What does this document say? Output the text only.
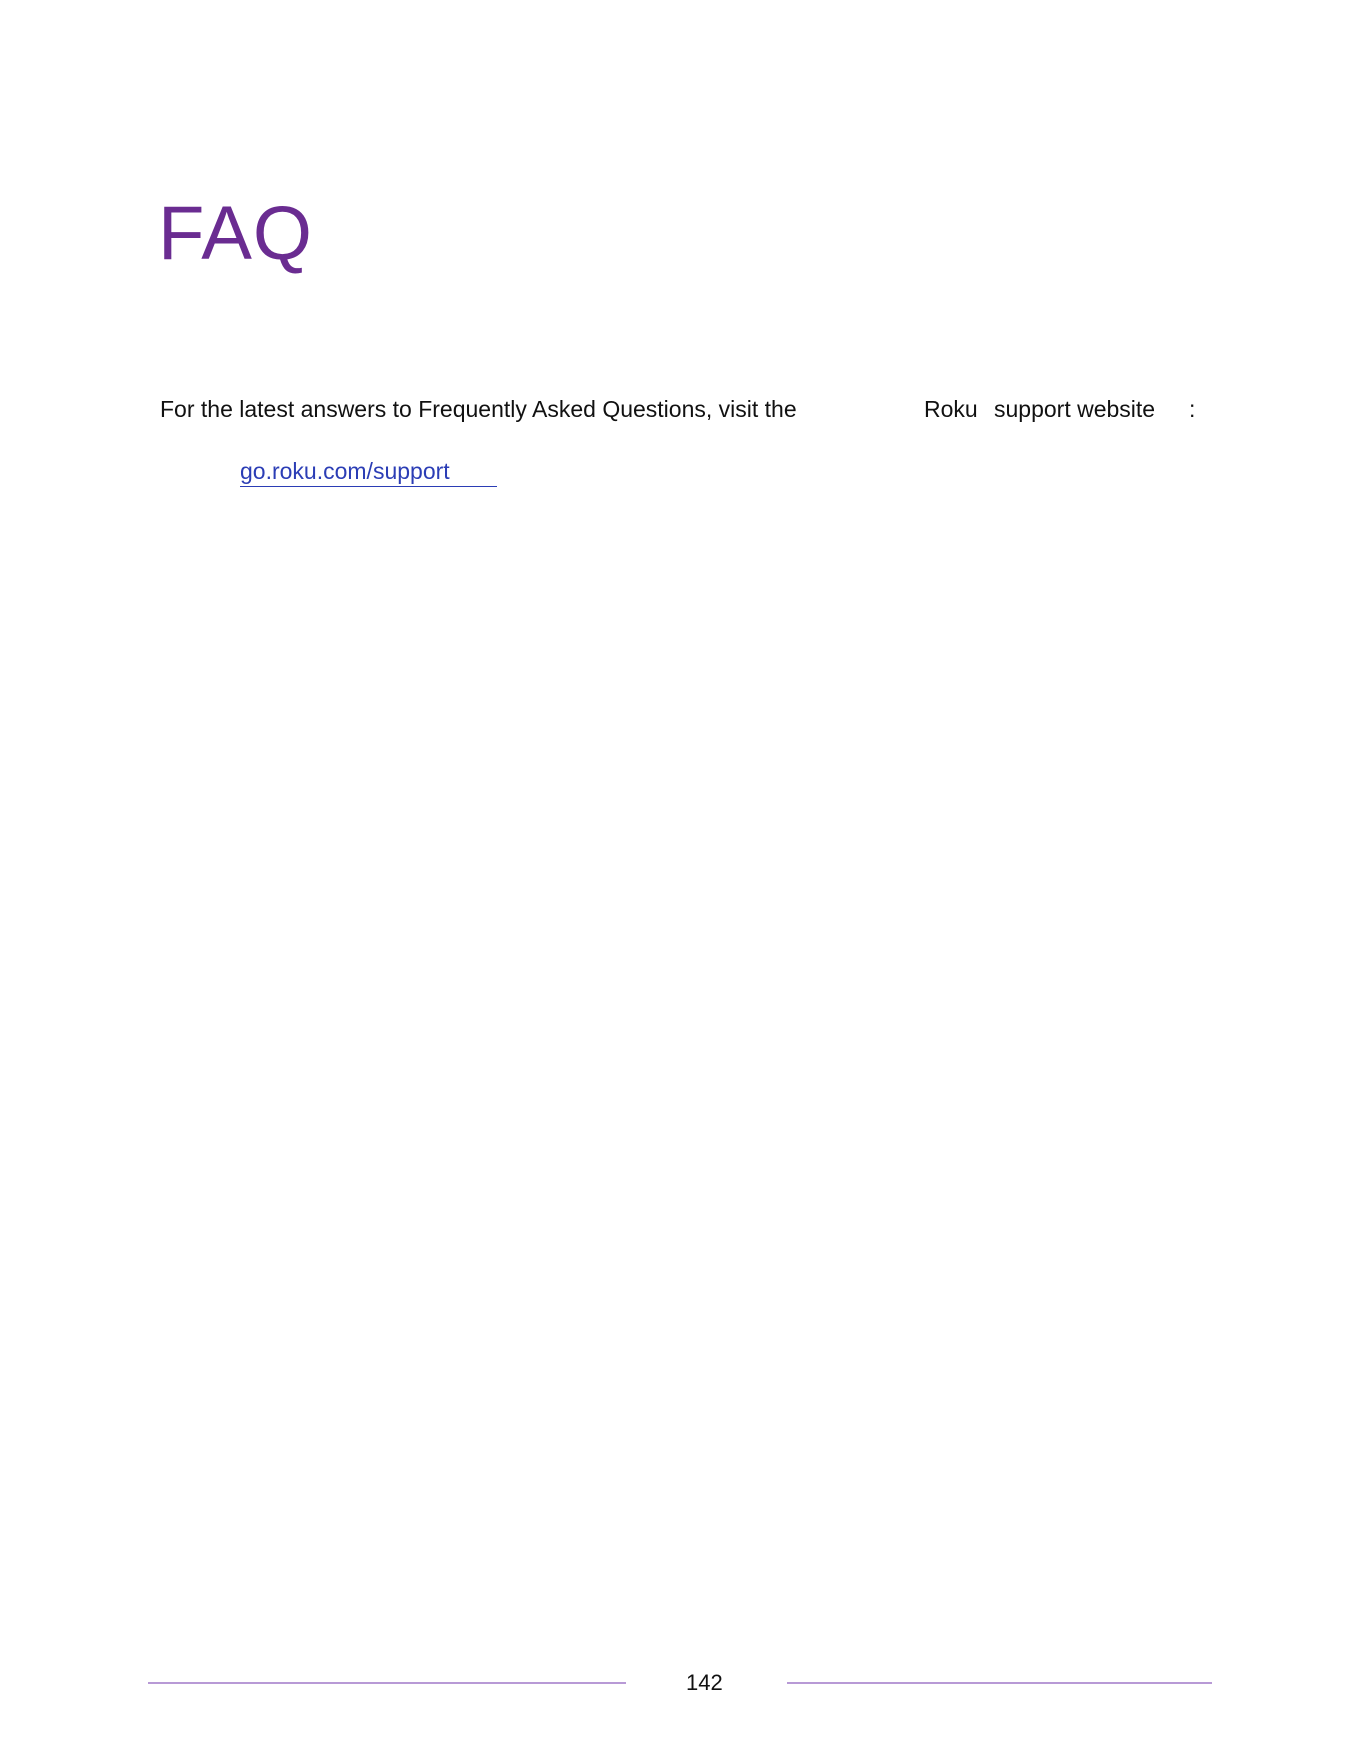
FAQ
For the latest answers to Frequently Asked Questions, visit the	Roku support website :
go.roku.com/support
142
